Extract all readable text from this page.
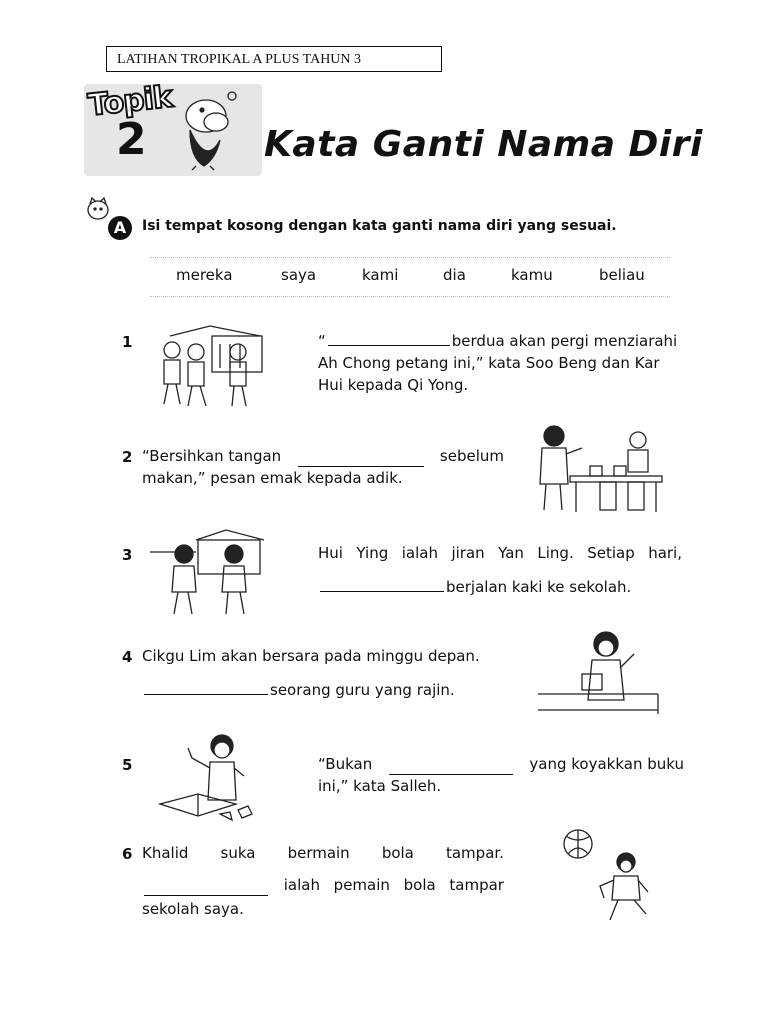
LATIHAN TROPIKAL A PLUS TAHUN 3
Topik
2	Kata Ganti Nama Diri
A	Isi tempat kosong dengan kata ganti nama diri yang sesuai.
mereka	saya	kami	dia	kamu	beliau
1	“	berdua akan pergi menziarahi
Ah Chong petang ini,” kata Soo Beng dan Kar
Hui kepada Qi Yong.
2 “Bersihkan tangan	sebelum
makan,” pesan emak kepada adik.
3	Hui Ying ialah jiran Yan Ling. Setiap hari,
berjalan kaki ke sekolah.
4 Cikgu Lim akan bersara pada minggu depan.
seorang guru yang rajin.
5	“Bukan	yang koyakkan buku
ini,” kata Salleh.
6 Khalid suka bermain bola tampar.
ialah pemain bola tampar
sekolah saya.
